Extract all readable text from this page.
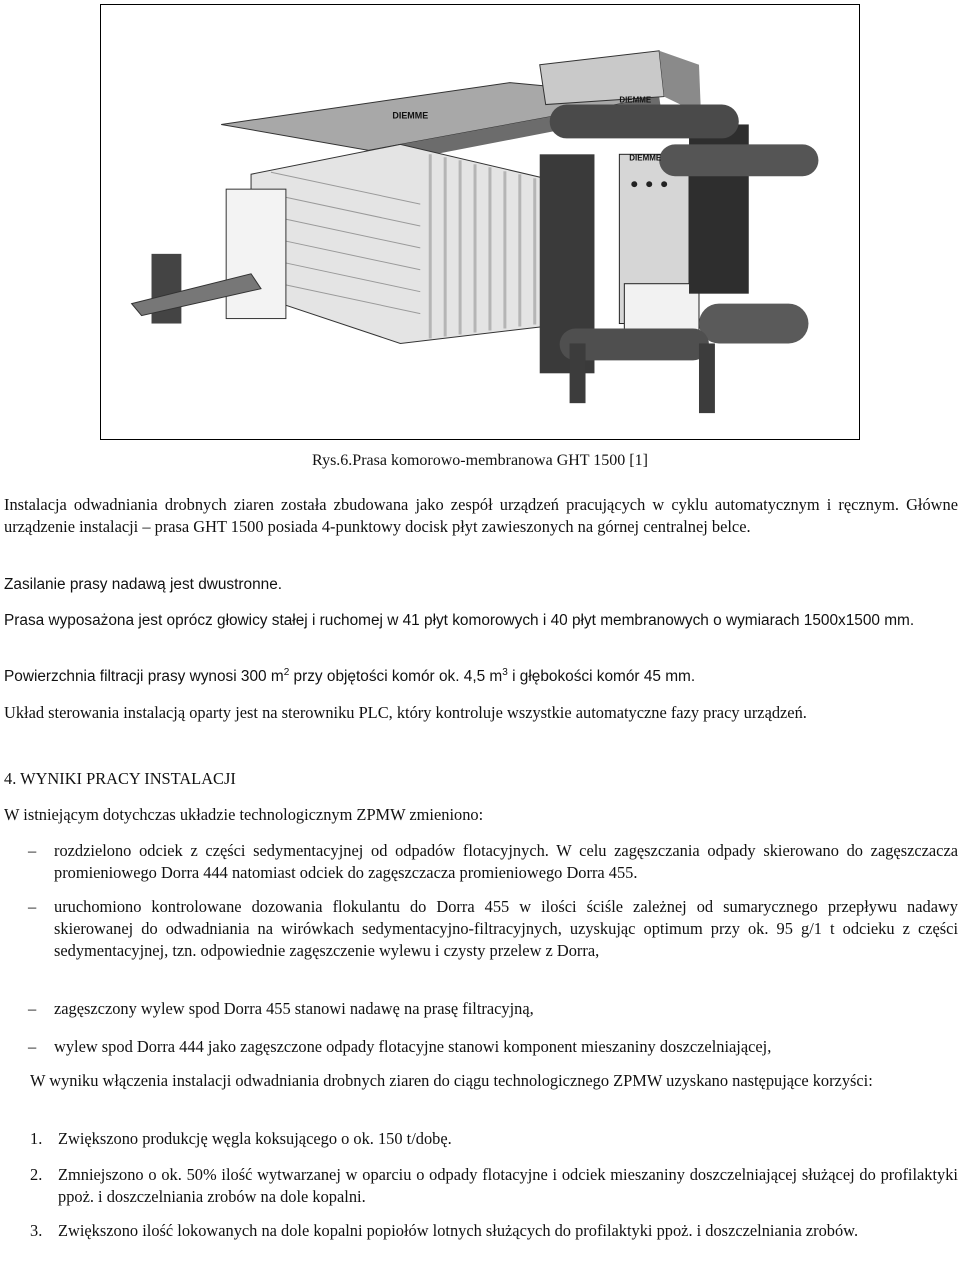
DIEMME
DIEMME
DIEMME
Rys.6.Prasa komorowo-membranowa GHT 1500 [1]

Instalacja odwadniania drobnych ziaren została zbudowana jako zespół urządzeń pracujących w cyklu automatycznym i ręcznym. Główne urządzenie instalacji – prasa GHT 1500 posiada 4-punktowy docisk płyt zawieszonych na górnej centralnej belce.

Zasilanie prasy nadawą jest dwustronne.

Prasa wyposażona jest oprócz głowicy stałej i ruchomej w 41 płyt komorowych i 40 płyt membranowych o wymiarach 1500x1500 mm.

Powierzchnia filtracji prasy wynosi 300 $m^2$ przy objętości komór ok. 4,5 $m^3$ i głębokości komór 45 mm.

Układ sterowania instalacją oparty jest na sterowniku PLC, który kontroluje wszystkie automatyczne fazy pracy urządzeń.

4. WYNIKI PRACY INSTALACJI

W istniejącym dotychczas układzie technologicznym ZPMW zmieniono:

–	rozdzielono odciek z części sedymentacyjnej od odpadów flotacyjnych. W celu zagęszczania odpady skierowano do zagęszczacza promieniowego Dorra 444 natomiast odciek do zagęszczacza promieniowego Dorra 455.
–	uruchomiono kontrolowane dozowania flokulantu do Dorra 455 w ilości ściśle zależnej od sumarycznego przepływu nadawy skierowanej do odwadniania na wirówkach sedymentacyjno-filtracyjnych, uzyskując optimum przy ok. 95 g/1 t odcieku z części sedymentacyjnej, tzn. odpowiednie zagęszczenie wylewu i czysty przelew z Dorra,
–	zagęszczony wylew spod Dorra 455 stanowi nadawę na prasę filtracyjną,
–	wylew spod Dorra 444 jako zagęszczone odpady flotacyjne stanowi komponent mieszaniny doszczelniającej,

W wyniku włączenia instalacji odwadniania drobnych ziaren do ciągu technologicznego ZPMW uzyskano następujące korzyści:

1. Zwiększono produkcję węgla koksującego o ok. 150 t/dobę.
2. Zmniejszono o ok. 50% ilość wytwarzanej w oparciu o odpady flotacyjne i odciek mieszaniny doszczelniającej służącej do profilaktyki ppoż. i doszczelniania zrobów na dole kopalni.
3. Zwiększono ilość lokowanych na dole kopalni popiołów lotnych służących do profilaktyki ppoż. i doszczelniania zrobów.
